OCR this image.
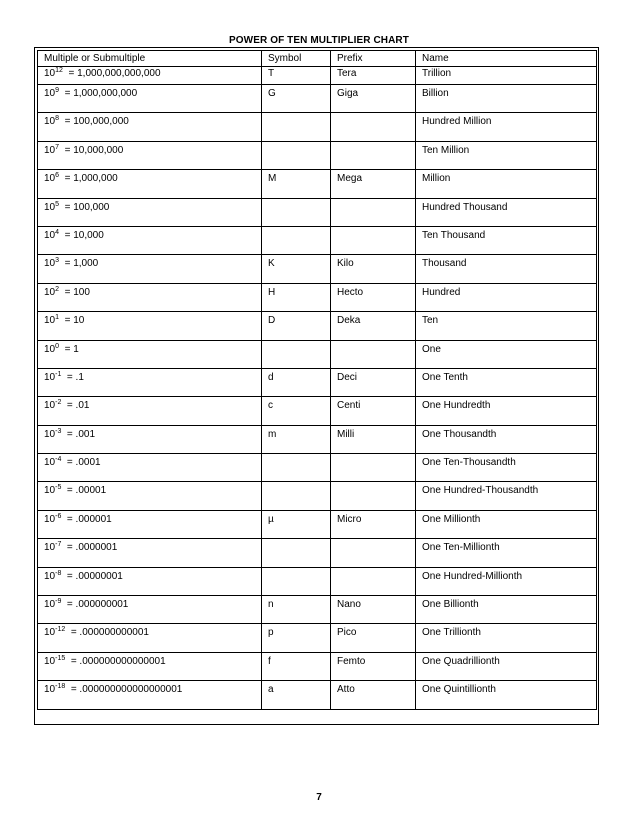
POWER OF TEN MULTIPLIER CHART
Multiple or Submultiple	Symbol	Prefix	Name
$10^{12} = 1,000,000,000,000$	T	Tera	Trillion
$10^9 = 1,000,000,000$	G	Giga	Billion
$10^8 = 100,000,000$			Hundred Million
$10^7 = 10,000,000$			Ten Million
$10^6 = 1,000,000$	M	Mega	Million
$10^5 = 100,000$			Hundred Thousand
$10^4 = 10,000$			Ten Thousand
$10^3 = 1,000$	K	Kilo	Thousand
$10^2 = 100$	H	Hecto	Hundred
$10^1 = 10$	D	Deka	Ten
$10^0 = 1$			One
$10^{-1} = .1$	d	Deci	One Tenth
$10^{-2} = .01$	c	Centi	One Hundredth
$10^{-3} = .001$	m	Milli	One Thousandth
$10^{-4} = .0001$			One Ten-Thousandth
$10^{-5} = .00001$			One Hundred-Thousandth
$10^{-6} = .000001$	µ	Micro	One Millionth
$10^{-7} = .0000001$			One Ten-Millionth
$10^{-8} = .00000001$			One Hundred-Millionth
$10^{-9} = .000000001$	n	Nano	One Billionth
$10^{-12} = .000000000001$	p	Pico	One Trillionth
$10^{-15} = .000000000000001$	f	Femto	One Quadrillionth
$10^{-18} = .000000000000000001$	a	Atto	One Quintillionth
7
